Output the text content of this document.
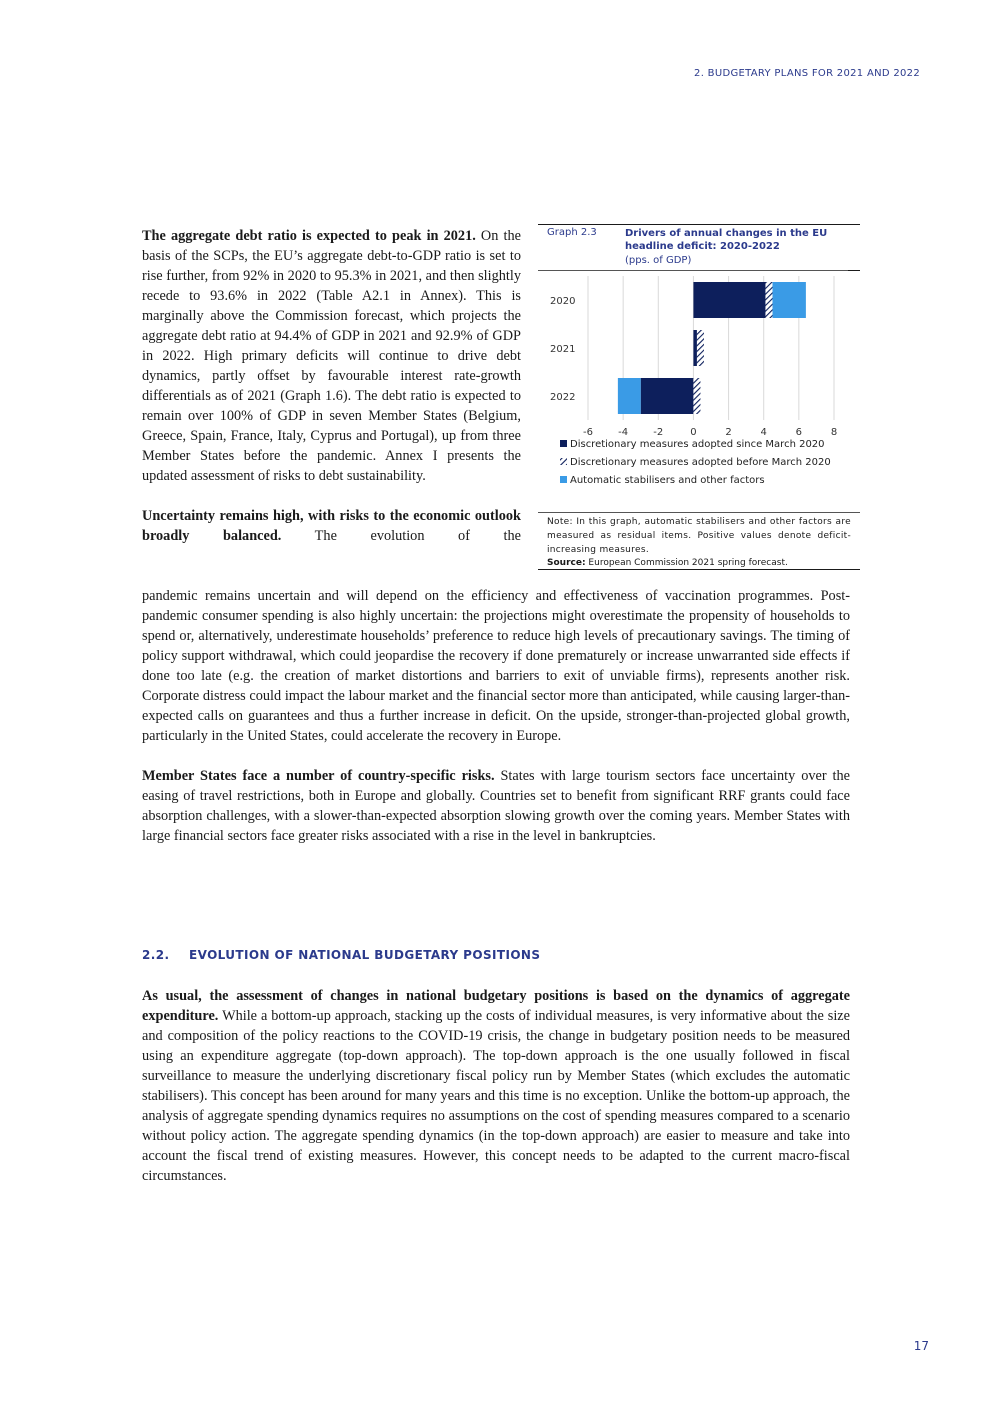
2. BUDGETARY PLANS FOR 2021 AND 2022

The aggregate debt ratio is expected to peak in 2021. On the basis of the SCPs, the EU’s aggregate debt-to-GDP ratio is set to rise further, from 92% in 2020 to 95.3% in 2021, and then slightly recede to 93.6% in 2022 (Table A2.1 in Annex). This is marginally above the Commission forecast, which projects the aggregate debt ratio at 94.4% of GDP in 2021 and 92.9% of GDP in 2022. High primary deficits will continue to drive debt dynamics, partly offset by favourable interest rate-growth differentials as of 2021 (Graph 1.6). The debt ratio is expected to remain over 100% of GDP in seven Member States (Belgium, Greece, Spain, France, Italy, Cyprus and Portugal), up from three Member States before the pandemic. Annex I presents the updated assessment of risks to debt sustainability.

Uncertainty remains high, with risks to the economic outlook broadly balanced. The evolution of the

pandemic remains uncertain and will depend on the efficiency and effectiveness of vaccination programmes. Post-pandemic consumer spending is also highly uncertain: the projections might overestimate the propensity of households to spend or, alternatively, underestimate households’ preference to reduce high levels of precautionary savings. The timing of policy support withdrawal, which could jeopardise the recovery if done prematurely or increase unwarranted side effects if done too late (e.g. the creation of market distortions and barriers to exit of unviable firms), represents another risk. Corporate distress could impact the labour market and the financial sector more than anticipated, while causing larger-than-expected calls on guarantees and thus a further increase in deficit. On the upside, stronger-than-projected global growth, particularly in the United States, could accelerate the recovery in Europe.

Member States face a number of country-specific risks. States with large tourism sectors face uncertainty over the easing of travel restrictions, both in Europe and globally. Countries set to benefit from significant RRF grants could face absorption challenges, with a slower-than-expected absorption slowing growth over the coming years. Member States with large financial sectors face greater risks associated with a rise in the level in bankruptcies.

2.2. EVOLUTION OF NATIONAL BUDGETARY POSITIONS

As usual, the assessment of changes in national budgetary positions is based on the dynamics of aggregate expenditure. While a bottom-up approach, stacking up the costs of individual measures, is very informative about the size and composition of the policy reactions to the COVID-19 crisis, the change in budgetary position needs to be measured using an expenditure aggregate (top-down approach). The top-down approach is the one usually followed in fiscal surveillance to measure the underlying discretionary fiscal policy run by Member States (which excludes the automatic stabilisers). This concept has been around for many years and this time is no exception. Unlike the bottom-up approach, the analysis of aggregate spending dynamics requires no assumptions on the cost of spending measures compared to a scenario without policy action. The aggregate spending dynamics (in the top-down approach) are easier to measure and take into account the fiscal trend of existing measures. However, this concept needs to be adapted to the current macro-fiscal circumstances.

Graph 2.3	Drivers of annual changes in the EU headline deficit: 2020-2022
(pps. of GDP)
-6	-4	-2	0	2	4	6	8
2020
2021
2022
Discretionary measures adopted since March 2020
Discretionary measures adopted before March 2020
Automatic stabilisers and other factors
Note: In this graph, automatic stabilisers and other factors are measured as residual items. Positive values denote deficit-increasing measures.
Source: European Commission 2021 spring forecast.
17
